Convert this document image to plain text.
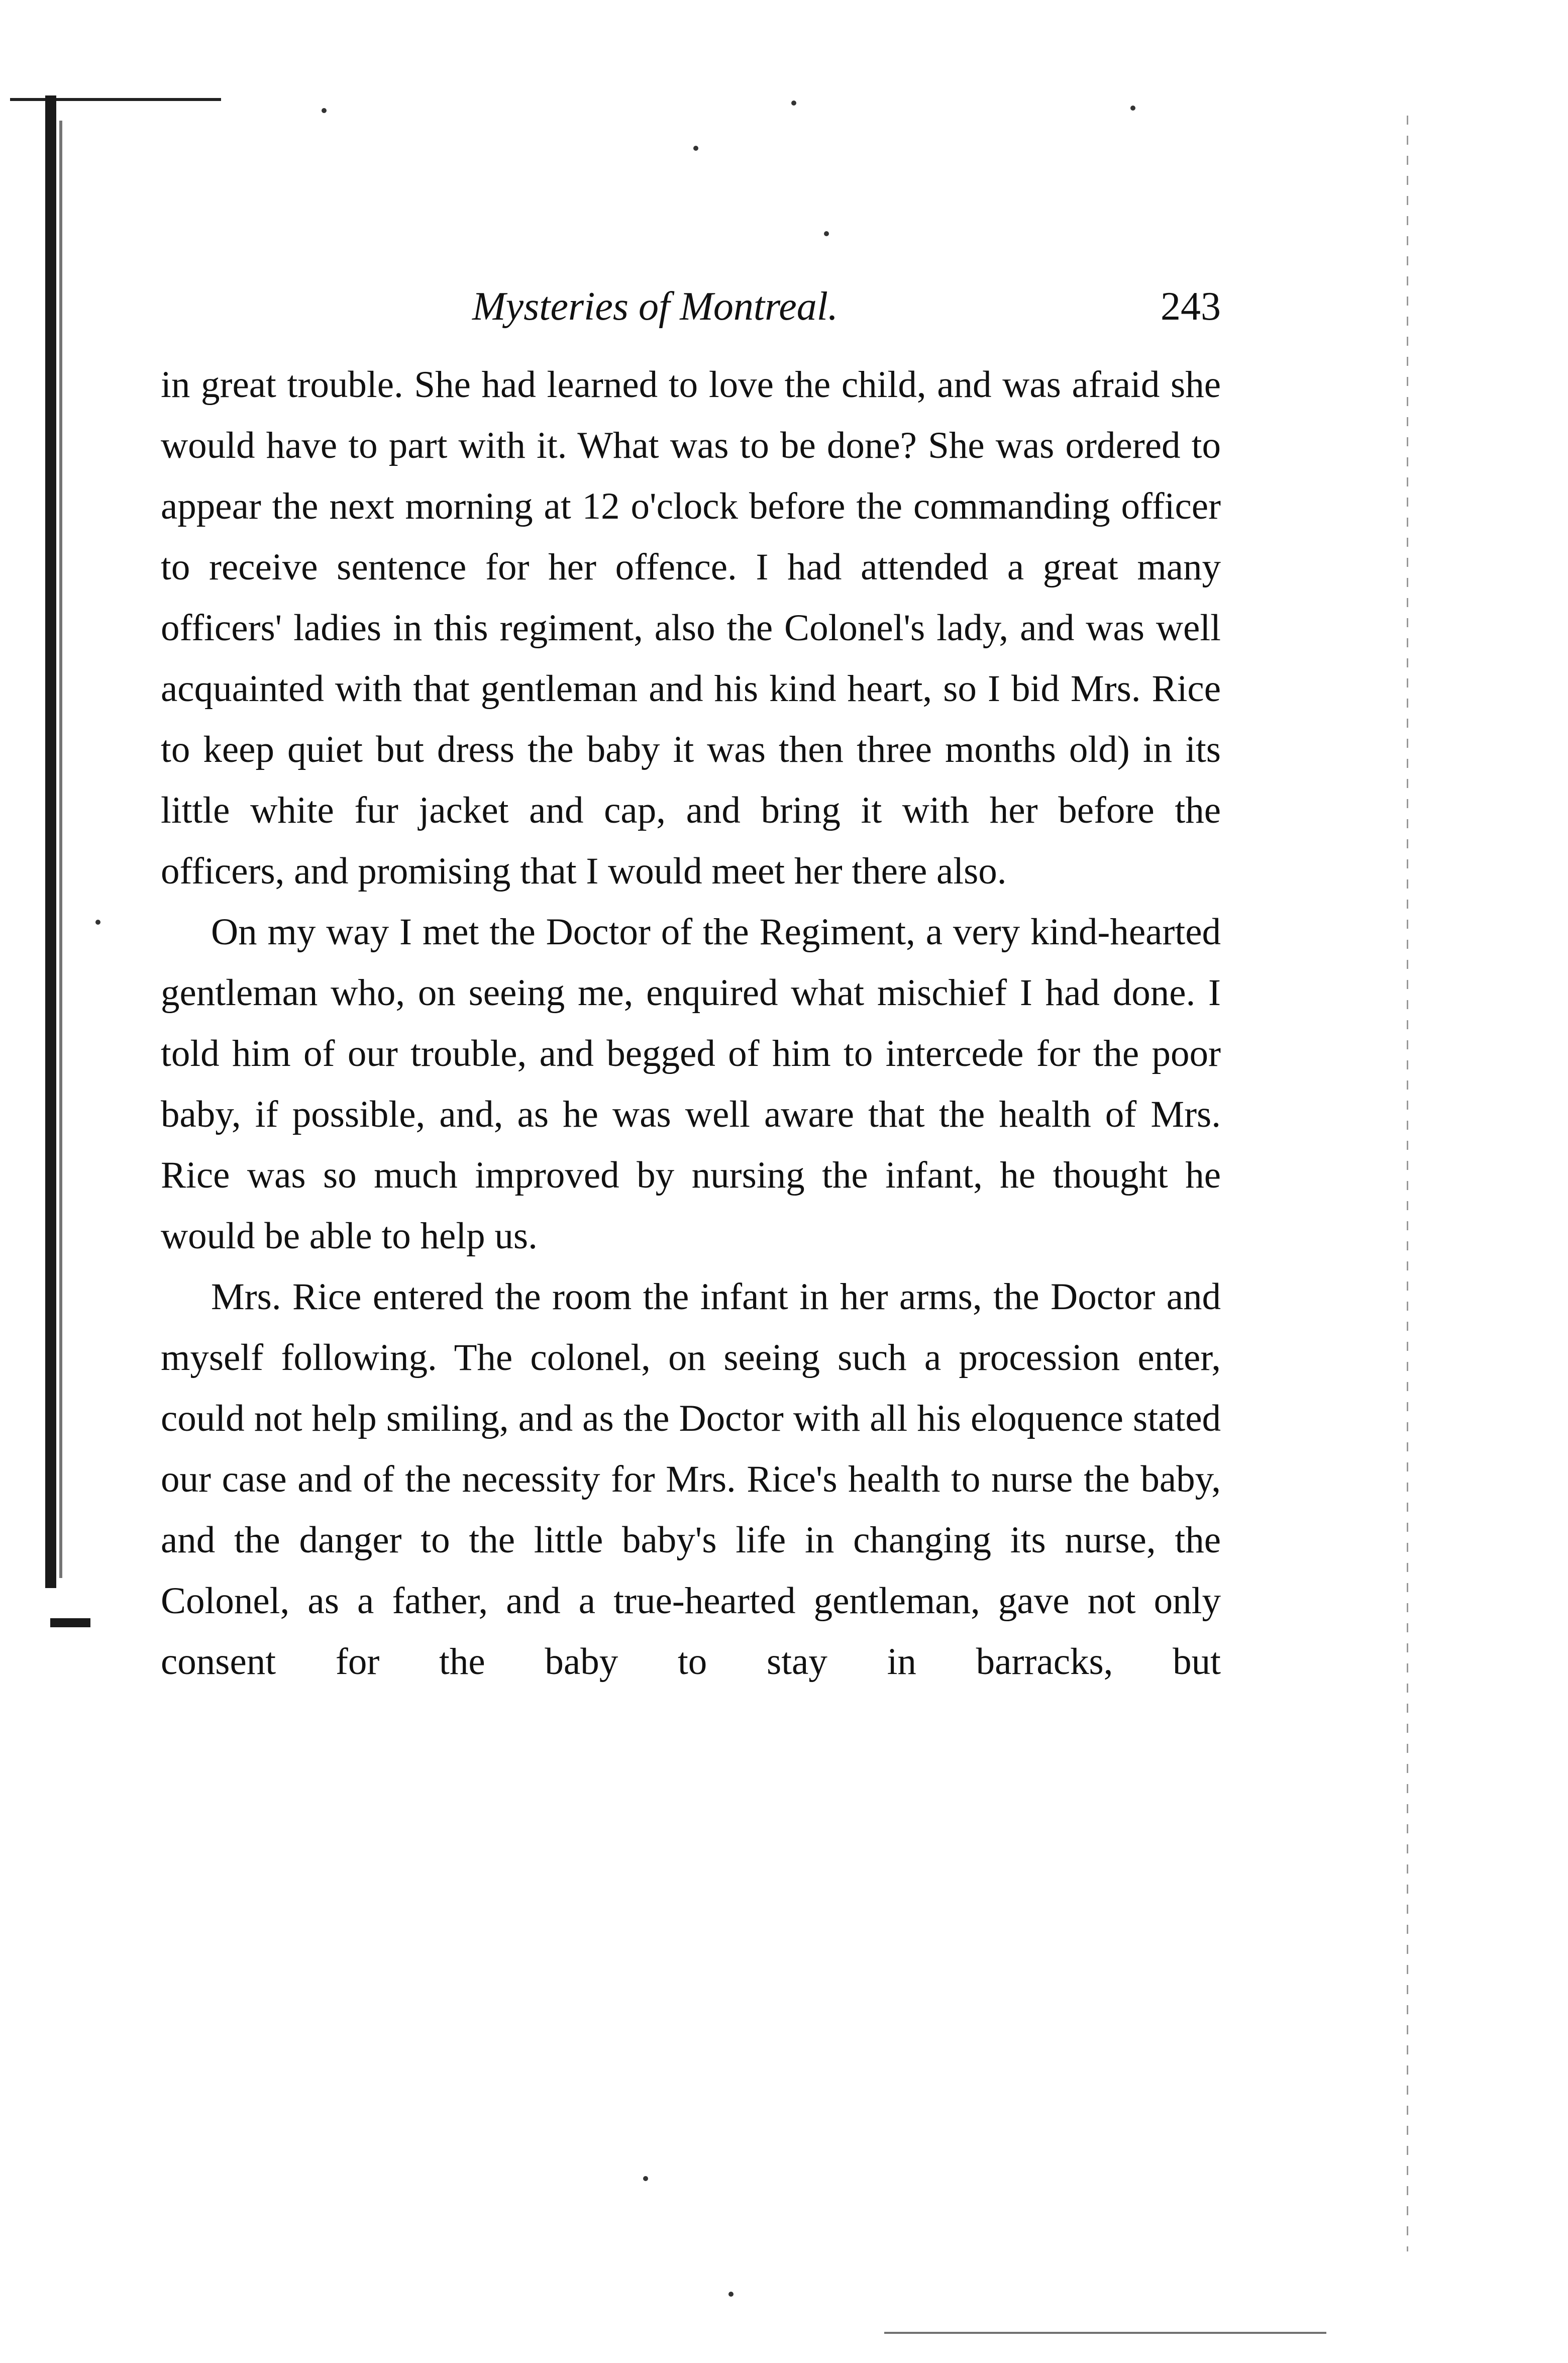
Mysteries of Montreal.	243

in great trouble. She had learned to love the child, and was afraid she would have to part with it. What was to be done? She was ordered to appear the next morning at 12 o'clock before the commanding officer to receive sentence for her offence. I had attended a great many officers' ladies in this regiment, also the Colonel's lady, and was well acquainted with that gentleman and his kind heart, so I bid Mrs. Rice to keep quiet but dress the baby it was then three months old) in its little white fur jacket and cap, and bring it with her before the officers, and promising that I would meet her there also.

On my way I met the Doctor of the Regiment, a very kind-hearted gentleman who, on seeing me, enquired what mischief I had done. I told him of our trouble, and begged of him to intercede for the poor baby, if possible, and, as he was well aware that the health of Mrs. Rice was so much improved by nursing the infant, he thought he would be able to help us.

Mrs. Rice entered the room the infant in her arms, the Doctor and myself following. The colonel, on seeing such a procession enter, could not help smiling, and as the Doctor with all his eloquence stated our case and of the necessity for Mrs. Rice's health to nurse the baby, and the danger to the little baby's life in changing its nurse, the Colonel, as a father, and a true-hearted gentleman, gave not only consent for the baby to stay in barracks, but
